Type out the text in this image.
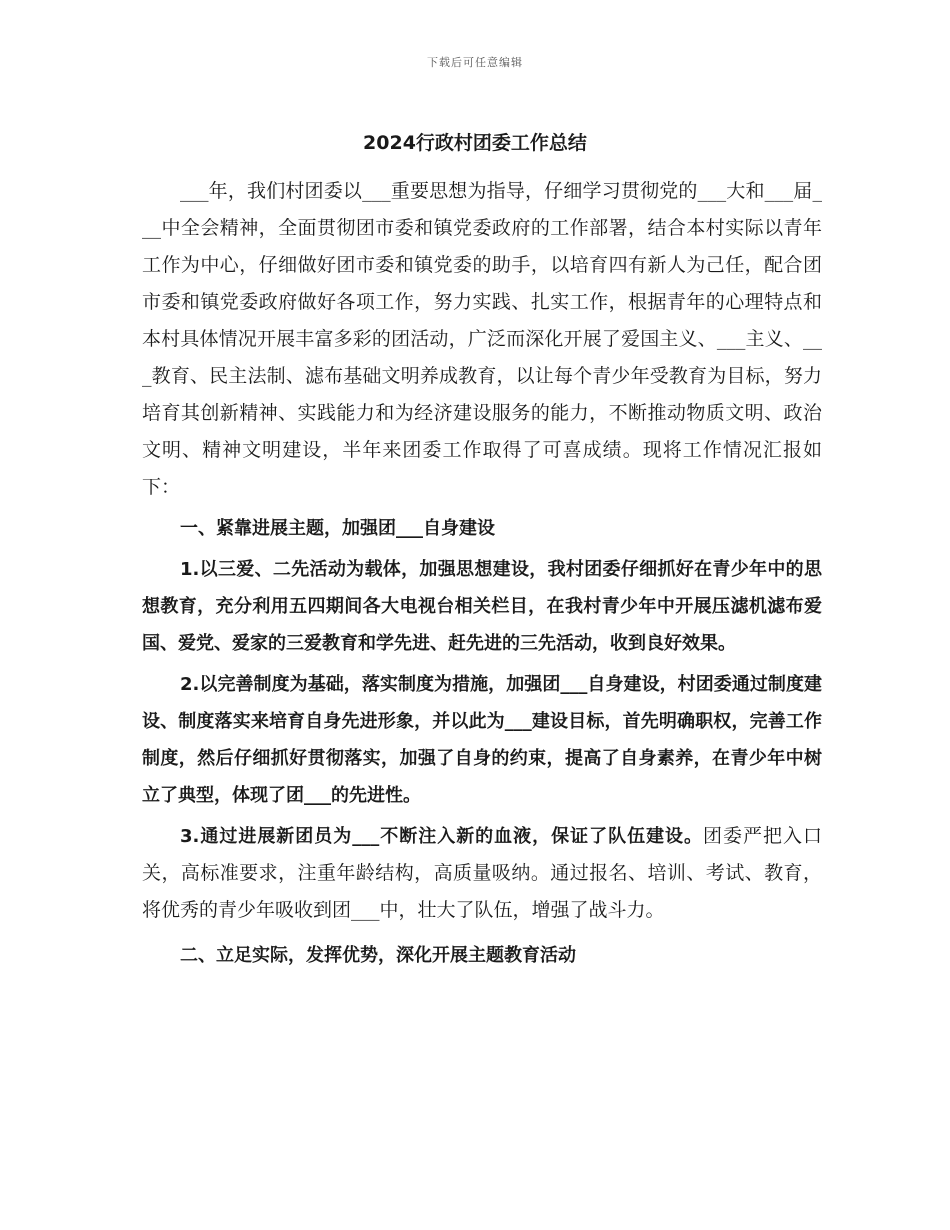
下载后可任意编辑
2024行政村团委工作总结

___年，我们村团委以___重要思想为指导，仔细学习贯彻党的___大和___届___中全会精神，全面贯彻团市委和镇党委政府的工作部署，结合本村实际以青年工作为中心，仔细做好团市委和镇党委的助手，以培育四有新人为己任，配合团市委和镇党委政府做好各项工作，努力实践、扎实工作，根据青年的心理特点和本村具体情况开展丰富多彩的团活动，广泛而深化开展了爱国主义、___主义、___教育、民主法制、滤布基础文明养成教育，以让每个青少年受教育为目标，努力培育其创新精神、实践能力和为经济建设服务的能力，不断推动物质文明、政治文明、精神文明建设，半年来团委工作取得了可喜成绩。现将工作情况汇报如下：

一、紧靠进展主题，加强团___自身建设

1.以三爱、二先活动为载体，加强思想建设，我村团委仔细抓好在青少年中的思想教育，充分利用五四期间各大电视台相关栏目，在我村青少年中开展压滤机滤布爱国、爱党、爱家的三爱教育和学先进、赶先进的三先活动，收到良好效果。

2.以完善制度为基础，落实制度为措施，加强团___自身建设，村团委通过制度建设、制度落实来培育自身先进形象，并以此为___建设目标，首先明确职权，完善工作制度，然后仔细抓好贯彻落实，加强了自身的约束，提高了自身素养，在青少年中树立了典型，体现了团___的先进性。

3.通过进展新团员为___不断注入新的血液，保证了队伍建设。团委严把入口关，高标准要求，注重年龄结构，高质量吸纳。通过报名、培训、考试、教育，将优秀的青少年吸收到团___中，壮大了队伍，增强了战斗力。

二、立足实际，发挥优势，深化开展主题教育活动
